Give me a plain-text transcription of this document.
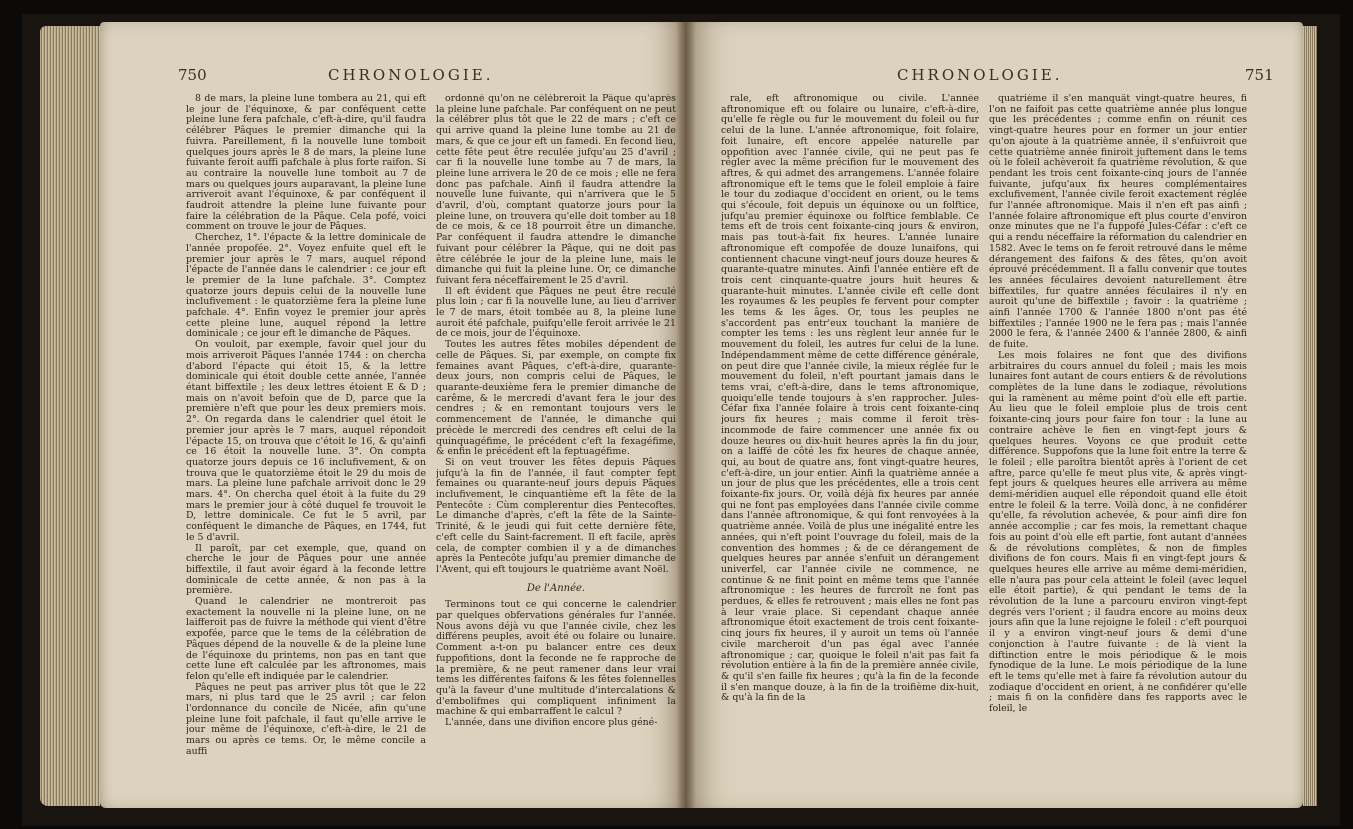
750	CHRONOLOGIE.

8 de mars, la pleine lune tombera au 21, qui eft le jour de l'équinoxe, & par conféquent cette pleine lune fera pafchale, c'eft-à-dire, qu'il faudra célébrer Pâques le premier dimanche qui la fuivra. Pareillement, fi la nouvelle lune tomboit quelques jours après le 8 de mars, la pleine lune fuivante feroit auffi pafchale à plus forte raifon. Si au contraire la nouvelle lune tomboit au 7 de mars ou quelques jours auparavant, la pleine lune arriveroit avant l'équinoxe, & par conféquent il faudroit attendre la pleine lune fuivante pour faire la célébration de la Pâque. Cela pofé, voici comment on trouve le jour de Pâques.

Cherchez, 1°. l'épacte & la lettre dominicale de l'année propofée. 2°. Voyez enfuite quel eft le premier jour après le 7 mars, auquel répond l'épacte de l'année dans le calendrier : ce jour eft le premier de la lune pafchale. 3°. Comptez quatorze jours depuis celui de la nouvelle lune inclufivement : le quatorzième fera la pleine lune pafchale. 4°. Enfin voyez le premier jour après cette pleine lune, auquel répond la lettre dominicale ; ce jour eft le dimanche de Pâques.

On vouloit, par exemple, favoir quel jour du mois arriveroit Pâques l'année 1744 : on chercha d'abord l'épacte qui étoit 15, & la lettre dominicale qui étoit double cette année, l'année étant biffextile ; les deux lettres étoient E & D ; mais on n'avoit befoin que de D, parce que la première n'eft que pour les deux premiers mois. 2°. On regarda dans le calendrier quel étoit le premier jour après le 7 mars, auquel répondoit l'épacte 15, on trouva que c'étoit le 16, & qu'ainfi ce 16 étoit la nouvelle lune. 3°. On compta quatorze jours depuis ce 16 inclufivement, & on trouva que le quatorzième étoit le 29 du mois de mars. La pleine lune pafchale arrivoit donc le 29 mars. 4°. On chercha quel étoit à la fuite du 29 mars le premier jour à côté duquel fe trouvoit le D, lettre dominicale. Ce fut le 5 avril, par conféquent le dimanche de Pâques, en 1744, fut le 5 d'avril.

Il paroît, par cet exemple, que, quand on cherche le jour de Pâques pour une année biffextile, il faut avoir égard à la feconde lettre dominicale de cette année, & non pas à la première.

Quand le calendrier ne montreroit pas exactement la nouvelle ni la pleine lune, on ne laifferoit pas de fuivre la méthode qui vient d'être expofée, parce que le tems de la célébration de Pâques dépend de la nouvelle & de la pleine lune de l'équinoxe du printems, non pas en tant que cette lune eft calculée par les aftronomes, mais felon qu'elle eft indiquée par le calendrier.

Pâques ne peut pas arriver plus tôt que le 22 mars, ni plus tard que le 25 avril ; car felon l'ordonnance du concile de Nicée, afin qu'une pleine lune foit pafchale, il faut qu'elle arrive le jour même de l'équinoxe, c'eft-à-dire, le 21 de mars ou après ce tems. Or, le même concile a auffi

ordonné qu'on ne célébreroit la Pâque qu'après la pleine lune pafchale. Par conféquent on ne peut la célébrer plus tôt que le 22 de mars ; c'eft ce qui arrive quand la pleine lune tombe au 21 de mars, & que ce jour eft un famedi. En fecond lieu, cette fête peut être reculée jufqu'au 25 d'avril ; car fi la nouvelle lune tombe au 7 de mars, la pleine lune arrivera le 20 de ce mois ; elle ne fera donc pas pafchale. Ainfi il faudra attendre la nouvelle lune fuivante, qui n'arrivera que le 5 d'avril, d'où, comptant quatorze jours pour la pleine lune, on trouvera qu'elle doit tomber au 18 de ce mois, & ce 18 pourroit être un dimanche. Par conféquent il faudra attendre le dimanche fuivant pour célébrer la Pâque, qui ne doit pas être célébrée le jour de la pleine lune, mais le dimanche qui fuit la pleine lune. Or, ce dimanche fuivant fera néceffairement le 25 d'avril.

Il eft évident que Pâques ne peut être reculé plus loin ; car fi la nouvelle lune, au lieu d'arriver le 7 de mars, étoit tombée au 8, la pleine lune auroit été pafchale, puifqu'elle feroit arrivée le 21 de ce mois, jour de l'équinoxe.

Toutes les autres fêtes mobiles dépendent de celle de Pâques. Si, par exemple, on compte fix femaines avant Pâques, c'eft-à-dire, quarante-deux jours, non compris celui de Pâques, le quarante-deuxième fera le premier dimanche de carême, & le mercredi d'avant fera le jour des cendres ; & en remontant toujours vers le commencement de l'année, le dimanche qui précède le mercredi des cendres eft celui de la quinquagéfime, le précédent c'eft la fexagéfime, & enfin le précédent eft la feptuagéfime.

Si on veut trouver les fêtes depuis Pâques jufqu'à la fin de l'année, il faut compter fept femaines ou quarante-neuf jours depuis Pâques inclufivement, le cinquantième eft la fête de la Pentecôte : Cùm complerentur dies Pentecoftes. Le dimanche d'après, c'eft la fête de la Sainte-Trinité, & le jeudi qui fuit cette dernière fête, c'eft celle du Saint-facrement. Il eft facile, après cela, de compter combien il y a de dimanches après la Pentecôte jufqu'au premier dimanche de l'Avent, qui eft toujours le quatrième avant Noël.

De l'Année.

Terminons tout ce qui concerne le calendrier par quelques obfervations générales fur l'année. Nous avons déjà vu que l'année civile, chez les différens peuples, avoit été ou folaire ou lunaire. Comment a-t-on pu balancer entre ces deux fuppofitions, dont la feconde ne fe rapproche de la première, & ne peut ramener dans leur vrai tems les différentes faifons & les fêtes folennelles qu'à la faveur d'une multitude d'intercalations & d'embolifmes qui compliquent infiniment la machine & qui embarraffent le calcul ?

L'année, dans une divifion encore plus géné-

CHRONOLOGIE.	751

rale, eft aftronomique ou civile. L'année aftronomique eft ou folaire ou lunaire, c'eft-à-dire, qu'elle fe règle ou fur le mouvement du foleil ou fur celui de la lune. L'année aftronomique, foit folaire, foit lunaire, eft encore appelée naturelle par oppofition avec l'année civile, qui ne peut pas fe régler avec la même précifion fur le mouvement des aftres, & qui admet des arrangemens. L'année folaire aftronomique eft le tems que le foleil emploie à faire le tour du zodiaque d'occident en orient, ou le tems qui s'écoule, foit depuis un équinoxe ou un folftice, jufqu'au premier équinoxe ou folftice femblable. Ce tems eft de trois cent foixante-cinq jours & environ, mais pas tout-à-fait fix heures. L'année lunaire aftronomique eft compofée de douze lunaifons, qui contiennent chacune vingt-neuf jours douze heures & quarante-quatre minutes. Ainfi l'année entière eft de trois cent cinquante-quatre jours huit heures & quarante-huit minutes. L'année civile eft celle dont les royaumes & les peuples fe fervent pour compter les tems & les âges. Or, tous les peuples ne s'accordent pas entr'eux touchant la manière de compter les tems : les uns règlent leur année fur le mouvement du foleil, les autres fur celui de la lune. Indépendamment même de cette différence générale, on peut dire que l'année civile, la mieux réglée fur le mouvement du foleil, n'eft pourtant jamais dans le tems vrai, c'eft-à-dire, dans le tems aftronomique, quoiqu'elle tende toujours à s'en rapprocher. Jules-Céfar fixa l'année folaire à trois cent foixante-cinq jours fix heures ; mais comme il feroit très-incommode de faire commencer une année fix ou douze heures ou dix-huit heures après la fin du jour, on a laiffé de côté les fix heures de chaque année, qui, au bout de quatre ans, font vingt-quatre heures, c'eft-à-dire, un jour entier. Ainfi la quatrième année a un jour de plus que les précédentes, elle a trois cent foixante-fix jours. Or, voilà déjà fix heures par année qui ne font pas employées dans l'année civile comme dans l'année aftronomique, & qui font renvoyées à la quatrième année. Voilà de plus une inégalité entre les années, qui n'eft point l'ouvrage du foleil, mais de la convention des hommes ; & de ce dérangement de quelques heures par année s'enfuit un dérangement univerfel, car l'année civile ne commence, ne continue & ne finit point en même tems que l'année aftronomique : les heures de furcroît ne font pas perdues, & elles fe retrouvent ; mais elles ne font pas à leur vraie place. Si cependant chaque année aftronomique étoit exactement de trois cent foixante-cinq jours fix heures, il y auroit un tems où l'année civile marcheroit d'un pas égal avec l'année aftronomique ; car, quoique le foleil n'ait pas fait fa révolution entière à la fin de la première année civile, & qu'il s'en faille fix heures ; qu'à la fin de la feconde il s'en manque douze, à la fin de la troifième dix-huit, & qu'à la fin de la

quatrième il s'en manquât vingt-quatre heures, fi l'on ne faifoit pas cette quatrième année plus longue que les précédentes ; comme enfin on réunit ces vingt-quatre heures pour en former un jour entier qu'on ajoute à la quatrième année, il s'enfuivroit que cette quatrième année finiroit juftement dans le tems où le foleil achèveroit fa quatrième révolution, & que pendant les trois cent foixante-cinq jours de l'année fuivante, jufqu'aux fix heures complémentaires exclufivement, l'année civile feroit exactement réglée fur l'année aftronomique. Mais il n'en eft pas ainfi ; l'année folaire aftronomique eft plus courte d'environ onze minutes que ne l'a fuppofé Jules-Céfar : c'eft ce qui a rendu néceffaire la réformation du calendrier en 1582. Avec le tems on fe feroit retrouvé dans le même dérangement des faifons & des fêtes, qu'on avoit éprouvé précédemment. Il a fallu convenir que toutes les années féculaires devoient naturellement être biffextiles, fur quatre années féculaires il n'y en auroit qu'une de biffextile ; favoir : la quatrième ; ainfi l'année 1700 & l'année 1800 n'ont pas été biffextiles ; l'année 1900 ne le fera pas ; mais l'année 2000 le fera, & l'année 2400 & l'année 2800, & ainfi de fuite.

Les mois folaires ne font que des divifions arbitraires du cours annuel du foleil ; mais les mois lunaires font autant de cours entiers & de révolutions complètes de la lune dans le zodiaque, révolutions qui la ramènent au même point d'où elle eft partie. Au lieu que le foleil emploie plus de trois cent foixante-cinq jours pour faire fon tour : la lune au contraire achève le fien en vingt-fept jours & quelques heures. Voyons ce que produit cette différence. Suppofons que la lune foit entre la terre & le foleil ; elle paroîtra bientôt après à l'orient de cet aftre, parce qu'elle fe meut plus vite, & après vingt-fept jours & quelques heures elle arrivera au même demi-méridien auquel elle répondoit quand elle étoit entre le foleil & la terre. Voilà donc, à ne confidérer qu'elle, fa révolution achevée, & pour ainfi dire fon année accomplie ; car fes mois, la remettant chaque fois au point d'où elle eft partie, font autant d'années & de révolutions complètes, & non de fimples divifions de fon cours. Mais fi en vingt-fept jours & quelques heures elle arrive au même demi-méridien, elle n'aura pas pour cela atteint le foleil (avec lequel elle étoit partie), & qui pendant le tems de la révolution de la lune a parcouru environ vingt-fept degrés vers l'orient ; il faudra encore au moins deux jours afin que la lune rejoigne le foleil : c'eft pourquoi il y a environ vingt-neuf jours & demi d'une conjonction à l'autre fuivante : de là vient la diftinction entre le mois périodique & le mois fynodique de la lune. Le mois périodique de la lune eft le tems qu'elle met à faire fa révolution autour du zodiaque d'occident en orient, à ne confidérer qu'elle ; mais fi on la confidère dans fes rapports avec le foleil, le
